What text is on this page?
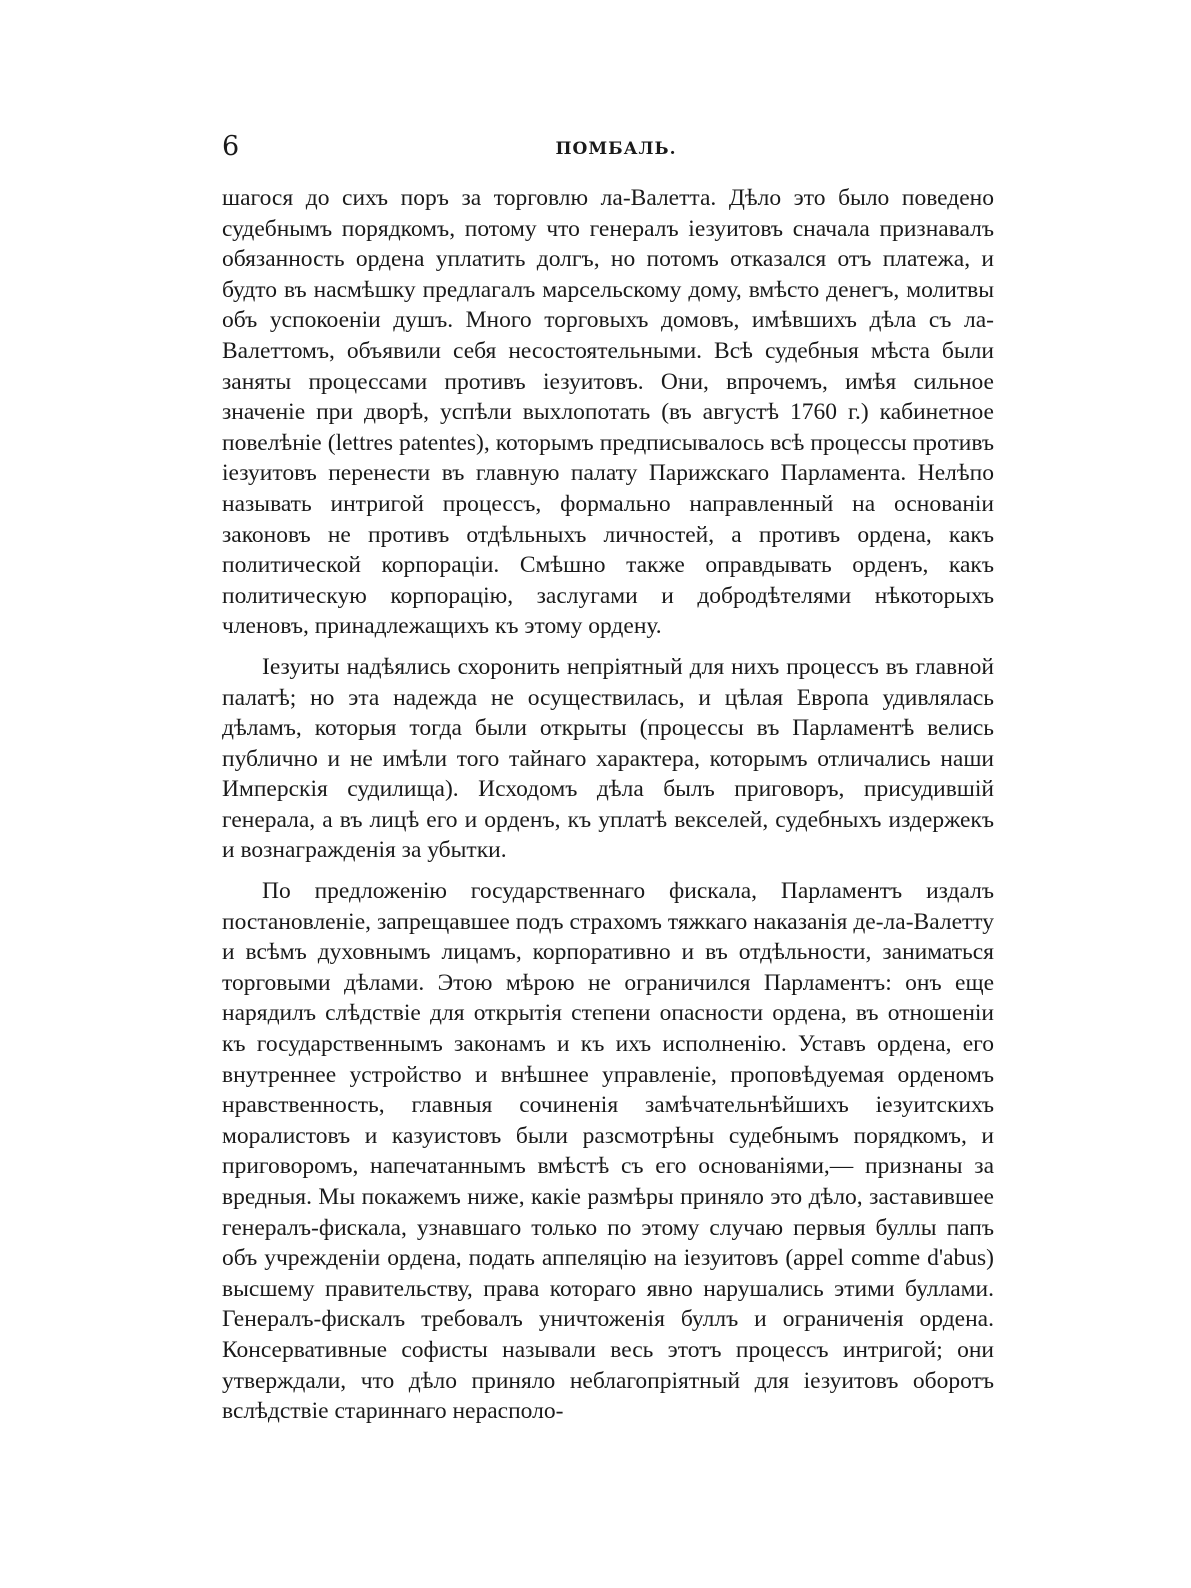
6	ПОМБАЛЬ.

шагося до сихъ поръ за торговлю ла-Валетта. Дѣло это было поведено судебнымъ порядкомъ, потому что генералъ іезуитовъ сначала признавалъ обязанность ордена уплатить долгъ, но потомъ отказался отъ платежа, и будто въ насмѣшку предлагалъ марсельскому дому, вмѣсто денегъ, молитвы объ успокоеніи душъ. Много торговыхъ домовъ, имѣвшихъ дѣла съ ла-Валеттомъ, объявили себя несостоятельными. Всѣ судебныя мѣста были заняты процессами противъ іезуитовъ. Они, впрочемъ, имѣя сильное значеніе при дворѣ, успѣли выхлопотать (въ августѣ 1760 г.) кабинетное повелѣніе (lettres patentes), которымъ предписывалось всѣ процессы противъ іезуитовъ перенести въ главную палату Парижскаго Парламента. Нелѣпо называть интригой процессъ, формально направленный на основаніи законовъ не противъ отдѣльныхъ личностей, а противъ ордена, какъ политической корпораціи. Смѣшно также оправдывать орденъ, какъ политическую корпорацію, заслугами и добродѣтелями нѣкоторыхъ членовъ, принадлежащихъ къ этому ордену.

Іезуиты надѣялись схоронить непріятный для нихъ процессъ въ главной палатѣ; но эта надежда не осуществилась, и цѣлая Европа удивлялась дѣламъ, которыя тогда были открыты (процессы въ Парламентѣ велись публично и не имѣли того тайнаго характера, которымъ отличались наши Имперскія судилища). Исходомъ дѣла былъ приговоръ, присудившій генерала, а въ лицѣ его и орденъ, къ уплатѣ векселей, судебныхъ издержекъ и вознагражденія за убытки.

По предложенію государственнаго фискала, Парламентъ издалъ постановленіе, запрещавшее подъ страхомъ тяжкаго наказанія де-ла-Валетту и всѣмъ духовнымъ лицамъ, корпоративно и въ отдѣльности, заниматься торговыми дѣлами. Этою мѣрою не ограничился Парламентъ: онъ еще нарядилъ слѣдствіе для открытія степени опасности ордена, въ отношеніи къ государственнымъ законамъ и къ ихъ исполненію. Уставъ ордена, его внутреннее устройство и внѣшнее управленіе, проповѣдуемая орденомъ нравственность, главныя сочиненія замѣчательнѣйшихъ іезуитскихъ моралистовъ и казуистовъ были разсмотрѣны судебнымъ порядкомъ, и приговоромъ, напечатаннымъ вмѣстѣ съ его основаніями,— признаны за вредныя. Мы покажемъ ниже, какіе размѣры приняло это дѣло, заставившее генералъ-фискала, узнавшаго только по этому случаю первыя буллы папъ объ учрежденіи ордена, подать аппеляцію на іезуитовъ (appel comme d'abus) высшему правительству, права котораго явно нарушались этими буллами. Генералъ-фискалъ требовалъ уничтоженія буллъ и ограниченія ордена. Консервативные софисты называли весь этотъ процессъ интригой; они утверждали, что дѣло приняло неблагопріятный для іезуитовъ оборотъ вслѣдствіе стариннаго нерасполо-
